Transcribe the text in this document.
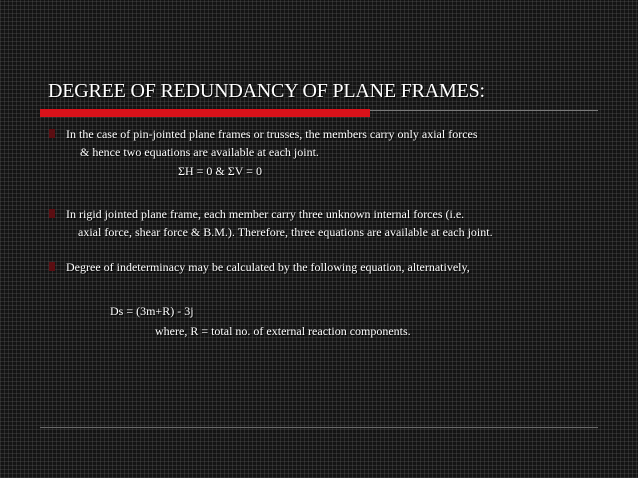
DEGREE OF REDUNDANCY OF PLANE FRAMES:
In the case of pin-jointed plane frames or trusses, the members carry only axial forces
& hence two equations are available at each joint.

ΣH = 0 & ΣV = 0

In rigid jointed plane frame, each member carry three unknown internal forces (i.e.
axial force, shear force & B.M.). Therefore, three equations are available at each joint.
Degree of indeterminacy may be calculated by the following equation, alternatively,

Ds = (3m+R) - 3j

where, R = total no. of external reaction components.
